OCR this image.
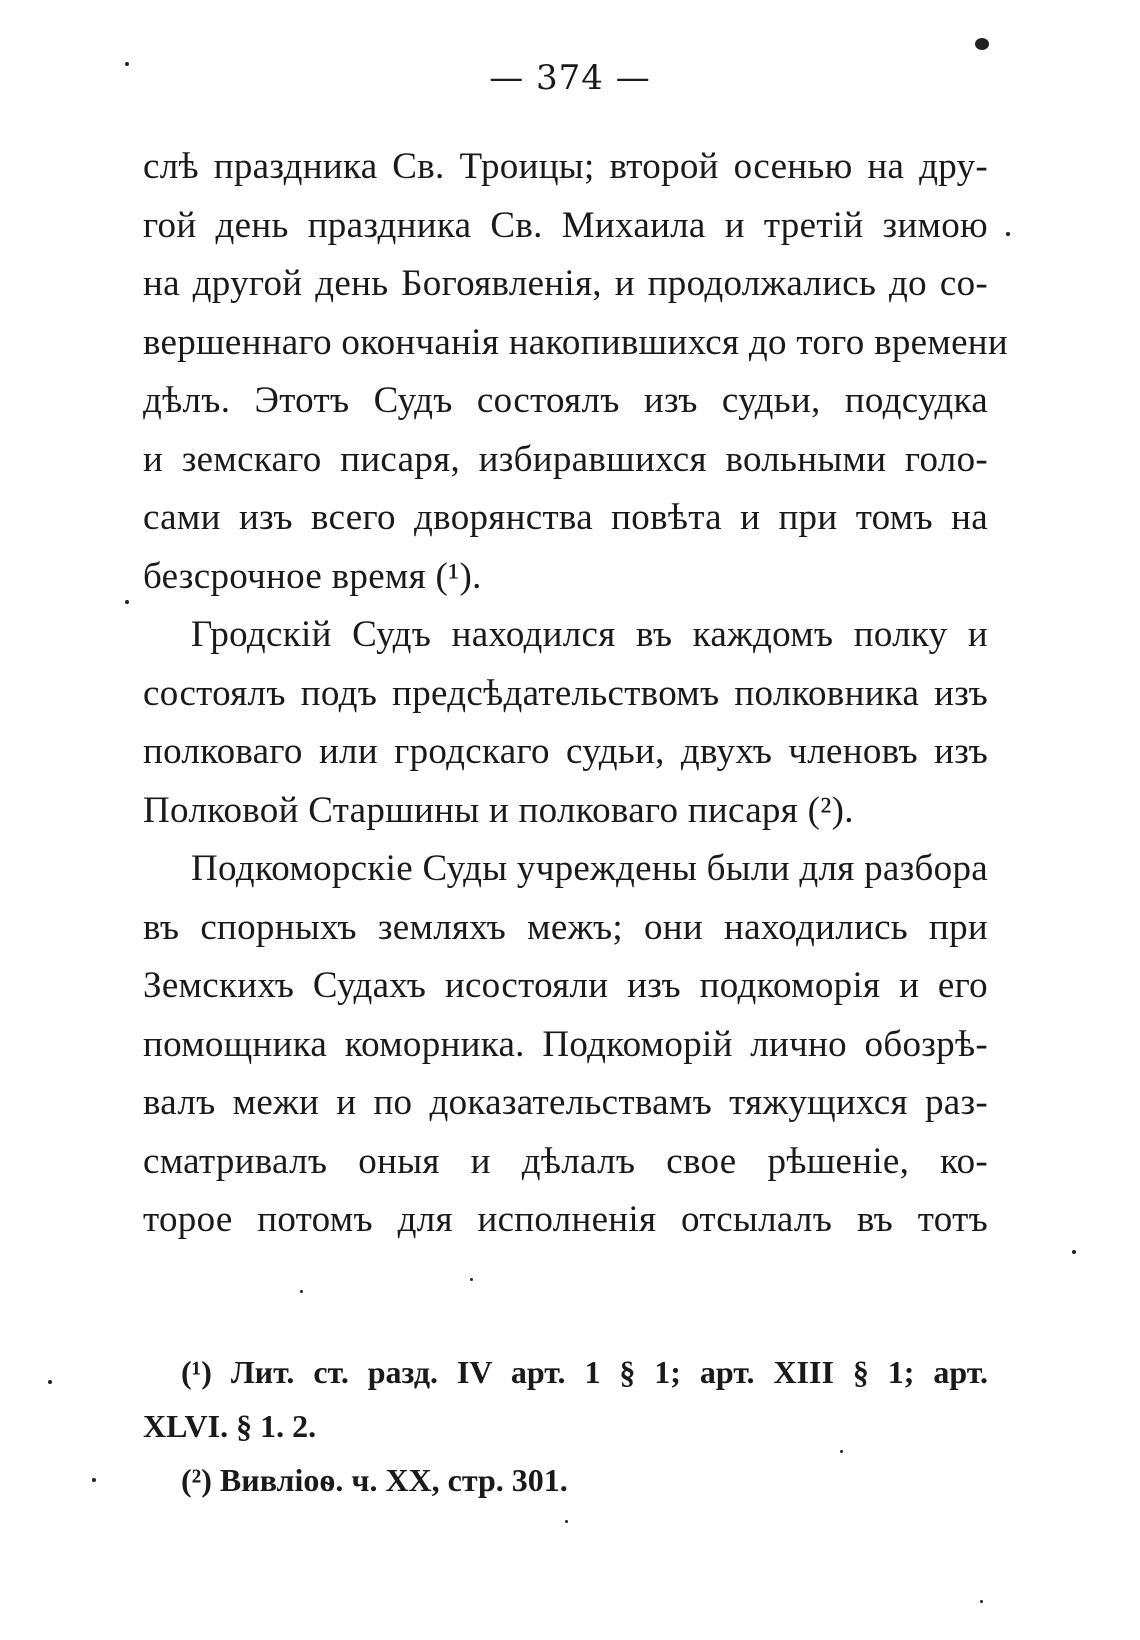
— 374 —
слѣ праздника Св. Троицы; второй осенью на дру-
гой день праздника Св. Михаила и третій зимою
на другой день Богоявленія, и продолжались до со-
вершеннаго окончанія накопившихся до того времени
дѣлъ. Этотъ Судъ состоялъ изъ судьи, подсудка
и земскаго писаря, избиравшихся вольными голо-
сами изъ всего дворянства повѣта и при томъ на
безсрочное время (¹).
Гродскій Судъ находился въ каждомъ полку и
состоялъ подъ предсѣдательствомъ полковника изъ
полковаго или гродскаго судьи, двухъ членовъ изъ
Полковой Старшины и полковаго писаря (²).
Подкоморскіе Суды учреждены были для разбора
въ спорныхъ земляхъ межъ; они находились при
Земскихъ Судахъ исостояли изъ подкоморія и его
помощника коморника. Подкоморій лично обозрѣ-
валъ межи и по доказательствамъ тяжущихся раз-
сматривалъ оныя и дѣлалъ свое рѣшеніе, ко-
торое потомъ для исполненія отсылалъ въ тотъ
(¹) Лит. ст. разд. IV арт. 1 § 1; арт. XIII § 1; арт.
XLVI. § 1. 2.
(²) Вивліоѳ. ч. XX, стр. 301.
